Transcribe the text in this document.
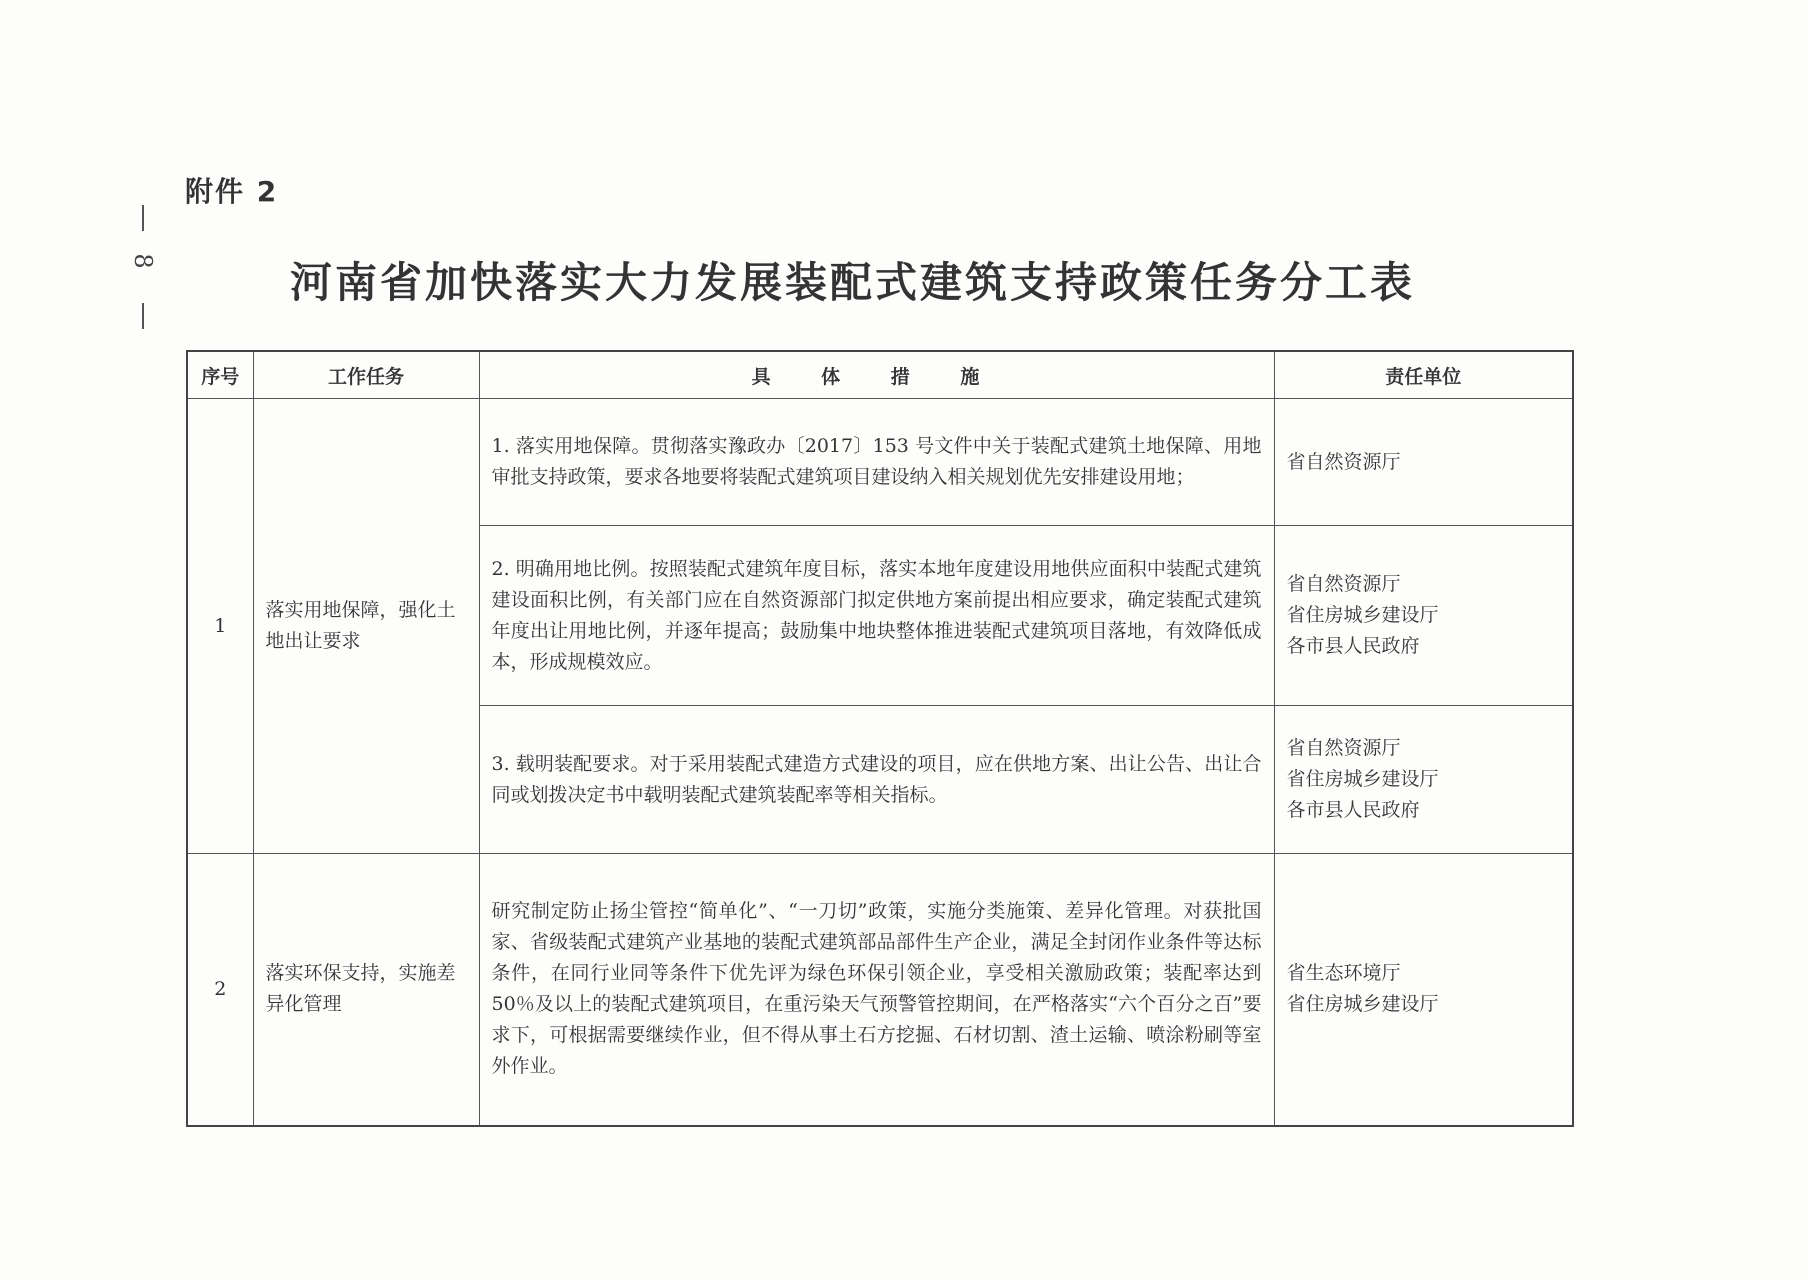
附件 2
8	河南省加快落实大力发展装配式建筑支持政策任务分工表
序号	工作任务	具 体 措 施	责任单位
1	落实用地保障，强化土地出让要求	1. 落实用地保障。贯彻落实豫政办〔2017〕153 号文件中关于装配式建筑土地保障、用地审批支持政策，要求各地要将装配式建筑项目建设纳入相关规划优先安排建设用地；	省自然资源厅

		2. 明确用地比例。按照装配式建筑年度目标，落实本地年度建设用地供应面积中装配式建筑建设面积比例，有关部门应在自然资源部门拟定供地方案前提出相应要求，确定装配式建筑年度出让用地比例，并逐年提高；鼓励集中地块整体推进装配式建筑项目落地，有效降低成本，形成规模效应。	省自然资源厅
省住房城乡建设厅
各市县人民政府

		3. 载明装配要求。对于采用装配式建造方式建设的项目，应在供地方案、出让公告、出让合同或划拨决定书中载明装配式建筑装配率等相关指标。	省自然资源厅
省住房城乡建设厅
各市县人民政府

2	落实环保支持，实施差异化管理	研究制定防止扬尘管控“简单化”、“一刀切”政策，实施分类施策、差异化管理。对获批国家、省级装配式建筑产业基地的装配式建筑部品部件生产企业，满足全封闭作业条件等达标条件，在同行业同等条件下优先评为绿色环保引领企业，享受相关激励政策；装配率达到 50％及以上的装配式建筑项目，在重污染天气预警管控期间，在严格落实“六个百分之百”要求下，可根据需要继续作业，但不得从事土石方挖掘、石材切割、渣土运输、喷涂粉刷等室外作业。	省生态环境厅
省住房城乡建设厅
